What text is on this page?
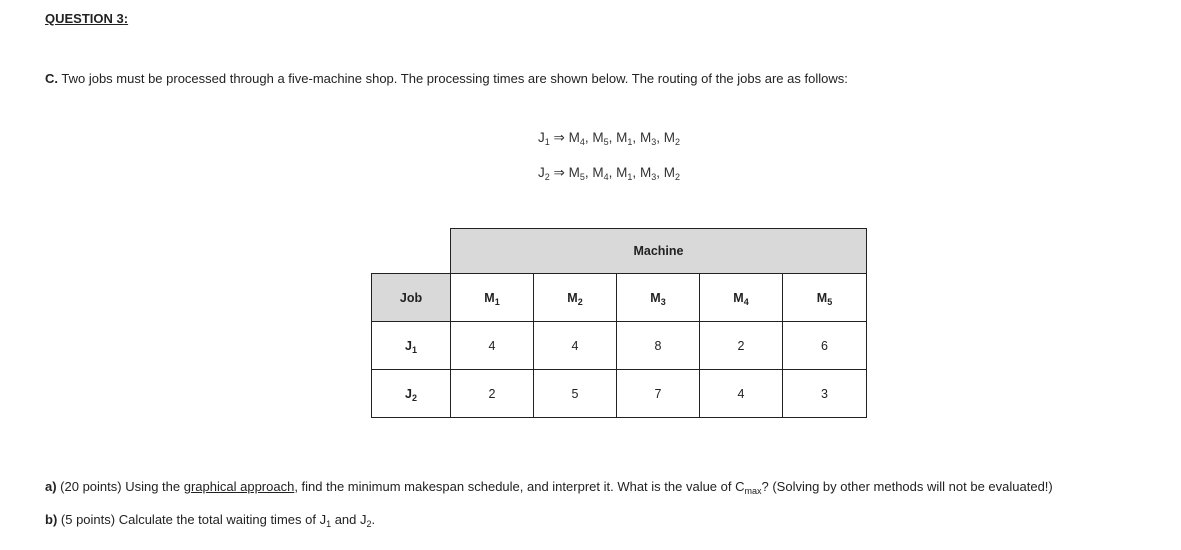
QUESTION 3:
C. Two jobs must be processed through a five-machine shop. The processing times are shown below. The routing of the jobs are as follows:
$J_1$ ⇒ $M_4$, $M_5$, $M_1$, $M_3$, $M_2$
$J_2$ ⇒ $M_5$, $M_4$, $M_1$, $M_3$, $M_2$
	Machine				
Job	$M_1$	$M_2$	$M_3$	$M_4$	$M_5$
$J_1$	4	4	8	2	6
$J_2$	2	5	7	4	3
a) (20 points) Using the graphical approach, find the minimum makespan schedule, and interpret it. What is the value of $C_{max}$? (Solving by other methods will not be evaluated!)
b) (5 points) Calculate the total waiting times of $J_1$ and $J_2$.
